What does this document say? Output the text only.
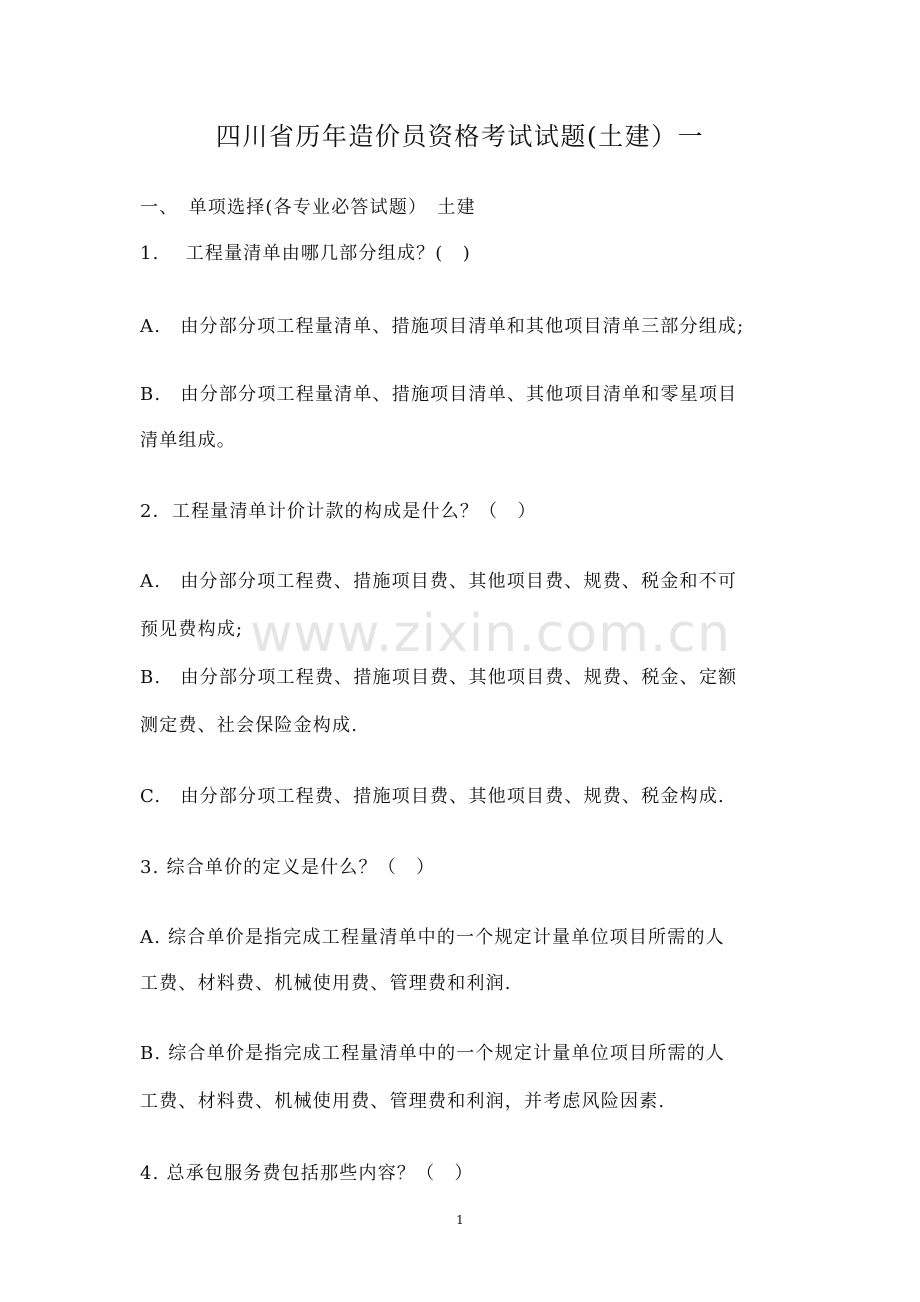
四川省历年造价员资格考试试题(土建）一
一、　单项选择(各专业必答试题）　土建
1.　 工程量清单由哪几部分组成？(　)
A.　由分部分项工程量清单、措施项目清单和其他项目清单三部分组成;
B.　由分部分项工程量清单、措施项目清单、其他项目清单和零星项目
清单组成。
2．工程量清单计价计款的构成是什么？（　）
A.　由分部分项工程费、措施项目费、其他项目费、规费、税金和不可
预见费构成;
B.　由分部分项工程费、措施项目费、其他项目费、规费、税金、定额
测定费、社会保险金构成.
C.　由分部分项工程费、措施项目费、其他项目费、规费、税金构成.
3. 综合单价的定义是什么？（　）
A. 综合单价是指完成工程量清单中的一个规定计量单位项目所需的人
工费、材料费、机械使用费、管理费和利润.
B. 综合单价是指完成工程量清单中的一个规定计量单位项目所需的人
工费、材料费、机械使用费、管理费和利润，并考虑风险因素.
4. 总承包服务费包括那些内容？（　）
www.zixin.com.cn
1
